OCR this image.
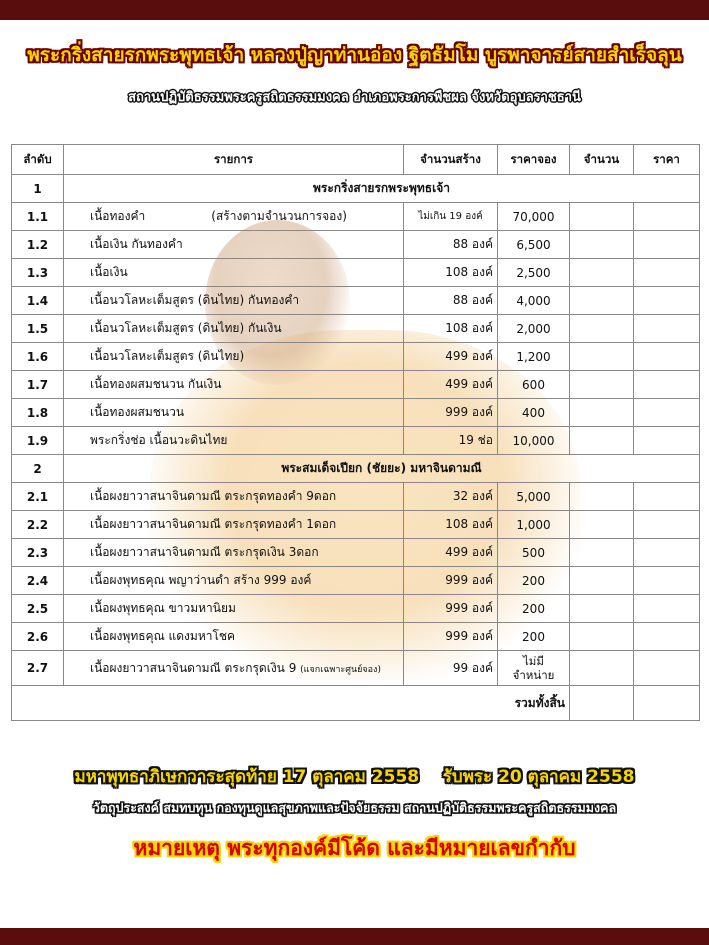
พระกริ่งสายรกพระพุทธเจ้า หลวงปู่ญาท่านอ่อง ฐิตธัมโม บูรพาจารย์สายสำเร็จลุน
สถานปฏิบัติธรรมพระครูสถิตธรรมมงคล อำเภอพระการพืชผล จังหวัดอุบลราชธานี
ลำดับ	รายการ	จำนวนสร้าง	ราคาจอง	จำนวน	ราคา
1	พระกริ่งสายรกพระพุทธเจ้า				
1.1	เนื้อทองคำ (สร้างตามจำนวนการจอง)	ไม่เกิน 19 องค์	70,000		
1.2	เนื้อเงิน กันทองคำ	88 องค์	6,500		
1.3	เนื้อเงิน	108 องค์	2,500		
1.4	เนื้อนวโลหะเต็มสูตร (ดินไทย) กันทองคำ	88 องค์	4,000		
1.5	เนื้อนวโลหะเต็มสูตร (ดินไทย) กันเงิน	108 องค์	2,000		
1.6	เนื้อนวโลหะเต็มสูตร (ดินไทย)	499 องค์	1,200		
1.7	เนื้อทองผสมชนวน กันเงิน	499 องค์	600		
1.8	เนื้อทองผสมชนวน	999 องค์	400		
1.9	พระกริ่งช่อ เนื้อนวะดินไทย	19 ช่อ	10,000		
2	พระสมเด็จเปียก (ชัยยะ) มหาจินดามณี				
2.1	เนื้อผงยาวาสนาจินดามณี ตระกรุดทองคำ 9ดอก	32 องค์	5,000		
2.2	เนื้อผงยาวาสนาจินดามณี ตระกรุดทองคำ 1ดอก	108 องค์	1,000		
2.3	เนื้อผงยาวาสนาจินดามณี ตระกรุดเงิน 3ดอก	499 องค์	500		
2.4	เนื้อผงพุทธคุณ พญาว่านดำ สร้าง 999 องค์	999 องค์	200		
2.5	เนื้อผงพุทธคุณ ขาวมหานิยม	999 องค์	200		
2.6	เนื้อผงพุทธคุณ แดงมหาโชค	999 องค์	200		
2.7	เนื้อผงยาวาสนาจินดามณี ตระกรุดเงิน 9 (แจกเฉพาะศูนย์จอง)	99 องค์	ไม่มี จำหน่าย		
รวมทั้งสิ้น					
มหาพุทธาภิเษกวาระสุดท้าย 17 ตุลาคม 2558 รับพระ 20 ตุลาคม 2558
วัตถุประสงค์ สมทบทุน กองทุนดูแลสุขภาพและปัจจัยธรรม สถานปฏิบัติธรรมพระครูสถิตธรรมมงคล
หมายเหตุ พระทุกองค์มีโค้ด และมีหมายเลขกำกับ
